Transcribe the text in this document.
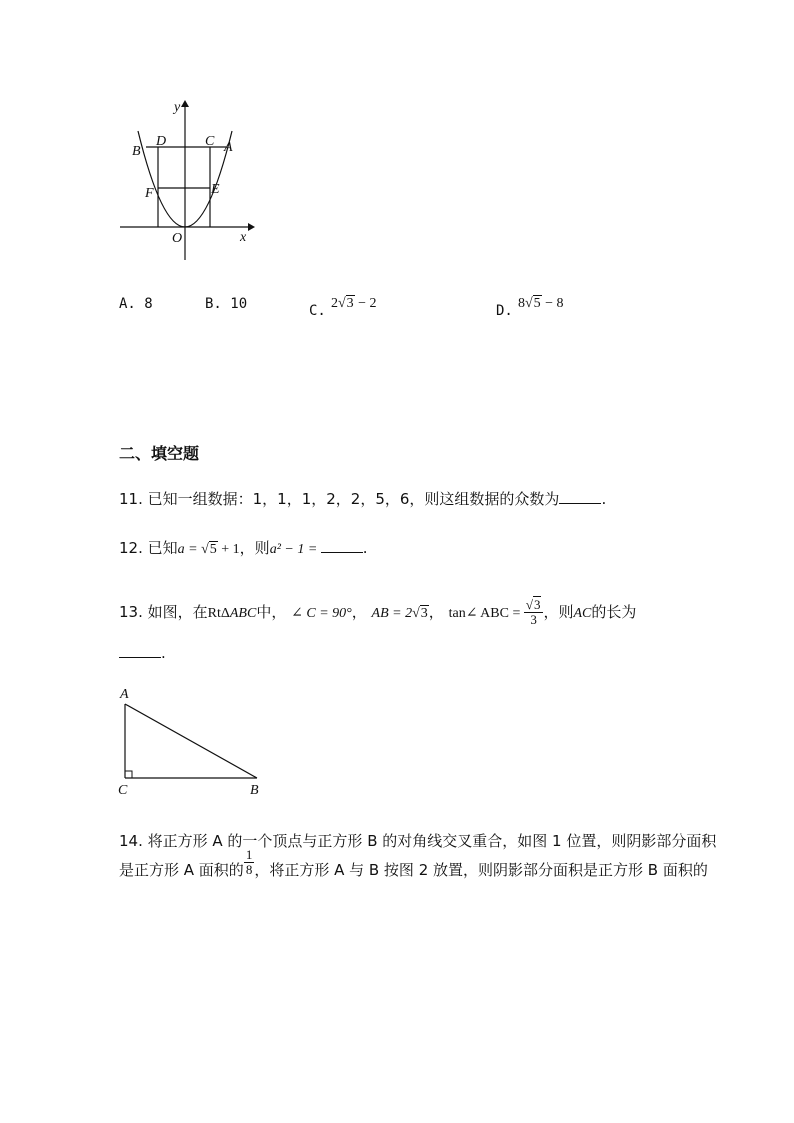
y
x
O
B
D	C A
F	E
A. 8	B. 10	C. 2√3 − 2	D. 8√5 − 8
二、填空题
11. 已知一组数据：1，1，1，2，2，5，6，则这组数据的众数为	.
12. 已知a = √5 + 1，则a² − 1 =	.
13. 如图，在RtΔABC中， ∠ C = 90°， AB = 2√3， tan∠ ABC = $\frac{√3}{3}$ ，则AC的长为
.
A
C	B
14. 将正方形 A 的一个顶点与正方形 B 的对角线交叉重合，如图 1 位置，则阴影部分面积
是正方形 A 面积的 $\frac{1}{8}$ ，将正方形 A 与 B 按图 2 放置，则阴影部分面积是正方形 B 面积的
